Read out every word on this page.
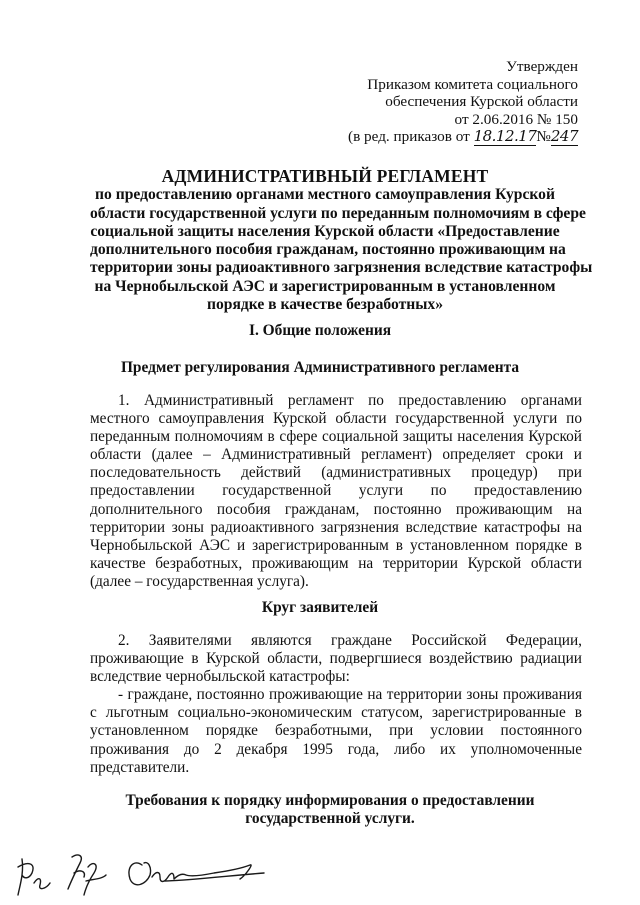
Утвержден
Приказом комитета социального
обеспечения Курской области
от 2.06.2016 № 150
(в ред. приказов от 18.12.17№247
АДМИНИСТРАТИВНЫЙ РЕГЛАМЕНТ
по предоставлению органами местного самоуправления Курской
области государственной услуги по переданным полномочиям в сфере
социальной защиты населения Курской области «Предоставление
дополнительного пособия гражданам, постоянно проживающим на
территории зоны радиоактивного загрязнения вследствие катастрофы
на Чернобыльской АЭС и зарегистрированным в установленном
порядке в качестве безработных»
I. Общие положения
Предмет регулирования Административного регламента
1. Административный регламент по предоставлению органами
местного самоуправления Курской области государственной услуги по
переданным полномочиям в сфере социальной защиты населения Курской
области (далее – Административный регламент) определяет сроки и
последовательность действий (административных процедур) при
предоставлении государственной услуги по предоставлению
дополнительного пособия гражданам, постоянно проживающим на
территории зоны радиоактивного загрязнения вследствие катастрофы на
Чернобыльской АЭС и зарегистрированным в установленном порядке в
качестве безработных, проживающим на территории Курской области
(далее – государственная услуга).
Круг заявителей
2. Заявителями являются граждане Российской Федерации,
проживающие в Курской области, подвергшиеся воздействию радиации
вследствие чернобыльской катастрофы:
- граждане, постоянно проживающие на территории зоны проживания
с льготным социально-экономическим статусом, зарегистрированные в
установленном порядке безработными, при условии постоянного
проживания до 2 декабря 1995 года, либо их уполномоченные
представители.
Требования к порядку информирования о предоставлении
государственной услуги.
